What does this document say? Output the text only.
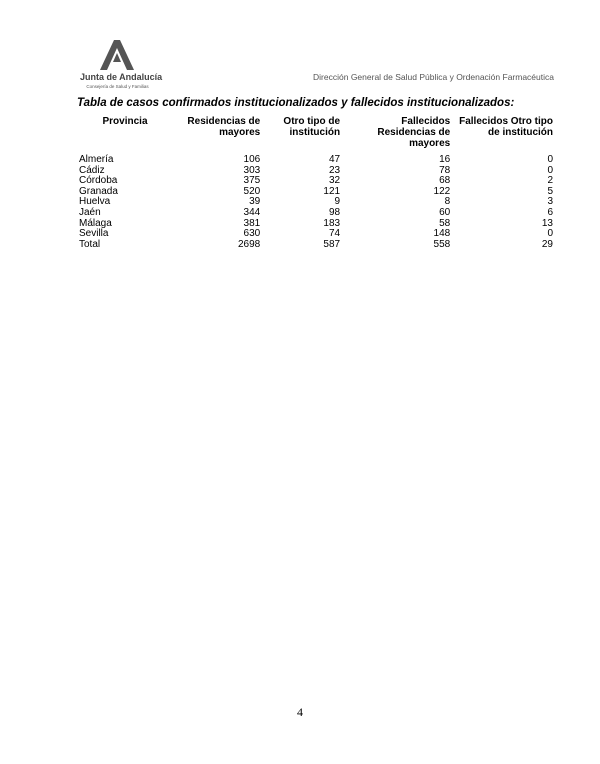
Junta de Andalucía
Consejería de Salud y Familias
Dirección General de Salud Pública y Ordenación Farmacéutica
Tabla de casos confirmados institucionalizados y fallecidos institucionalizados:
Provincia	Residencias de mayores	Otro tipo de institución	Fallecidos Residencias de mayores	Fallecidos Otro tipo de institución
Almería	106	47	16	0
Cádiz	303	23	78	0
Córdoba	375	32	68	2
Granada	520	121	122	5
Huelva	39	9	8	3
Jaén	344	98	60	6
Málaga	381	183	58	13
Sevilla	630	74	148	0
Total	2698	587	558	29
4
